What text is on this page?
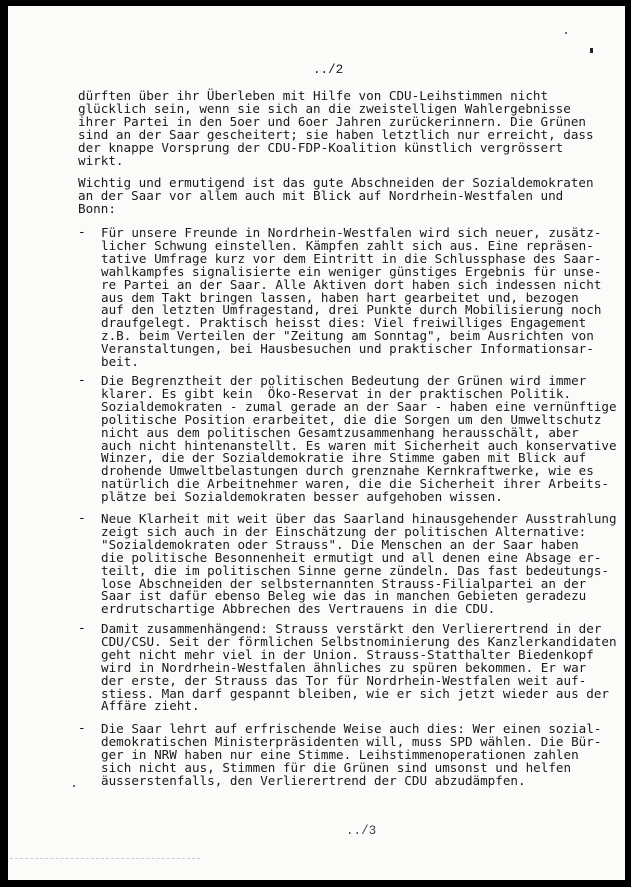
../2
dürften über ihr Überleben mit Hilfe von CDU-Leihstimmen nicht
glücklich sein, wenn sie sich an die zweistelligen Wahlergebnisse
ihrer Partei in den 5oer und 6oer Jahren zurückerinnern. Die Grünen
sind an der Saar gescheitert; sie haben letztlich nur erreicht, dass
der knappe Vorsprung der CDU-FDP-Koalition künstlich vergrössert
wirkt.
Wichtig und ermutigend ist das gute Abschneiden der Sozialdemokraten
an der Saar vor allem auch mit Blick auf Nordrhein-Westfalen und
Bonn:
- Für unsere Freunde in Nordrhein-Westfalen wird sich neuer, zusätz-
licher Schwung einstellen. Kämpfen zahlt sich aus. Eine repräsen-
tative Umfrage kurz vor dem Eintritt in die Schlussphase des Saar-
wahlkampfes signalisierte ein weniger günstiges Ergebnis für unse-
re Partei an der Saar. Alle Aktiven dort haben sich indessen nicht
aus dem Takt bringen lassen, haben hart gearbeitet und, bezogen
auf den letzten Umfragestand, drei Punkte durch Mobilisierung noch
draufgelegt. Praktisch heisst dies: Viel freiwilliges Engagement
z.B. beim Verteilen der "Zeitung am Sonntag", beim Ausrichten von
Veranstaltungen, bei Hausbesuchen und praktischer Informationsar-
beit.
- Die Begrenztheit der politischen Bedeutung der Grünen wird immer
klarer. Es gibt kein  Öko-Reservat in der praktischen Politik.
Sozialdemokraten - zumal gerade an der Saar - haben eine vernünftige
politische Position erarbeitet, die die Sorgen um den Umweltschutz
nicht aus dem politischen Gesamtzusammenhang herausschält, aber
auch nicht hintenanstellt. Es waren mit Sicherheit auch konservative
Winzer, die der Sozialdemokratie ihre Stimme gaben mit Blick auf
drohende Umweltbelastungen durch grenznahe Kernkraftwerke, wie es
natürlich die Arbeitnehmer waren, die die Sicherheit ihrer Arbeits-
plätze bei Sozialdemokraten besser aufgehoben wissen.
- Neue Klarheit mit weit über das Saarland hinausgehender Ausstrahlung
zeigt sich auch in der Einschätzung der politischen Alternative:
"Sozialdemokraten oder Strauss". Die Menschen an der Saar haben
die politische Besonnenheit ermutigt und all denen eine Absage er-
teilt, die im politischen Sinne gerne zündeln. Das fast bedeutungs-
lose Abschneiden der selbsternannten Strauss-Filialpartei an der
Saar ist dafür ebenso Beleg wie das in manchen Gebieten geradezu
erdrutschartige Abbrechen des Vertrauens in die CDU.
- Damit zusammenhängend: Strauss verstärkt den Verlierertrend in der
CDU/CSU. Seit der förmlichen Selbstnominierung des Kanzlerkandidaten
geht nicht mehr viel in der Union. Strauss-Statthalter Biedenkopf
wird in Nordrhein-Westfalen ähnliches zu spüren bekommen. Er war
der erste, der Strauss das Tor für Nordrhein-Westfalen weit auf-
stiess. Man darf gespannt bleiben, wie er sich jetzt wieder aus der
Affäre zieht.
- Die Saar lehrt auf erfrischende Weise auch dies: Wer einen sozial-
demokratischen Ministerpräsidenten will, muss SPD wählen. Die Bür-
ger in NRW haben nur eine Stimme. Leihstimmenoperationen zahlen
sich nicht aus, Stimmen für die Grünen sind umsonst und helfen
äusserstenfalls, den Verlierertrend der CDU abzudämpfen.
../3
